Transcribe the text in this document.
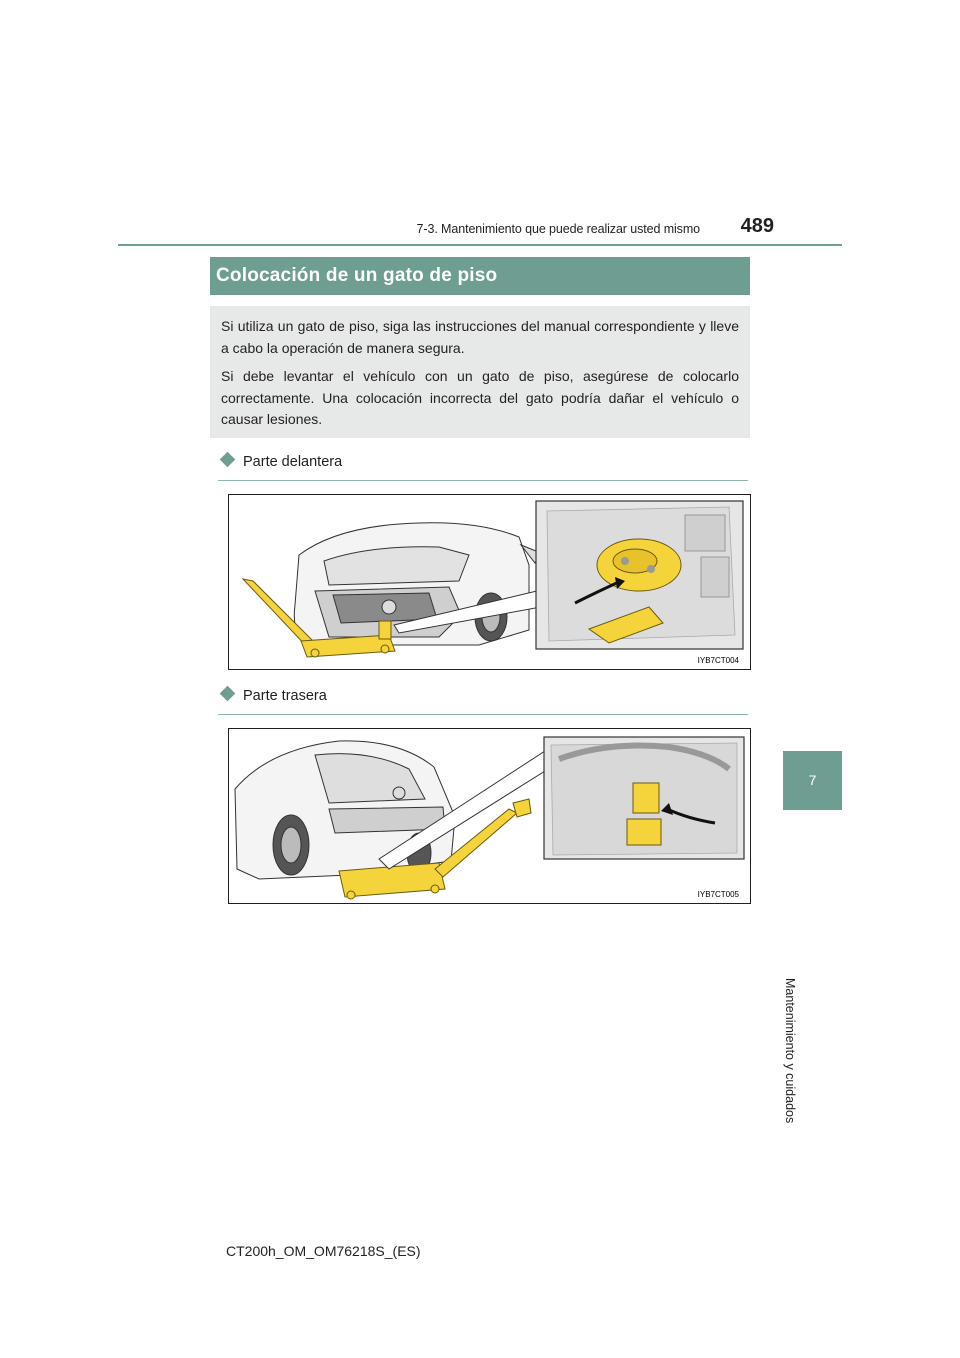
7-3. Mantenimiento que puede realizar usted mismo	489
7
Mantenimiento y cuidados
Colocación de un gato de piso

Si utiliza un gato de piso, siga las instrucciones del manual correspondiente y lleve a cabo la operación de manera segura.

Si debe levantar el vehículo con un gato de piso, asegúrese de colocarlo correctamente. Una colocación incorrecta del gato podría dañar el vehículo o causar lesiones.

Parte delantera
IYB7CT004
Parte trasera
IYB7CT005
CT200h_OM_OM76218S_(ES)
